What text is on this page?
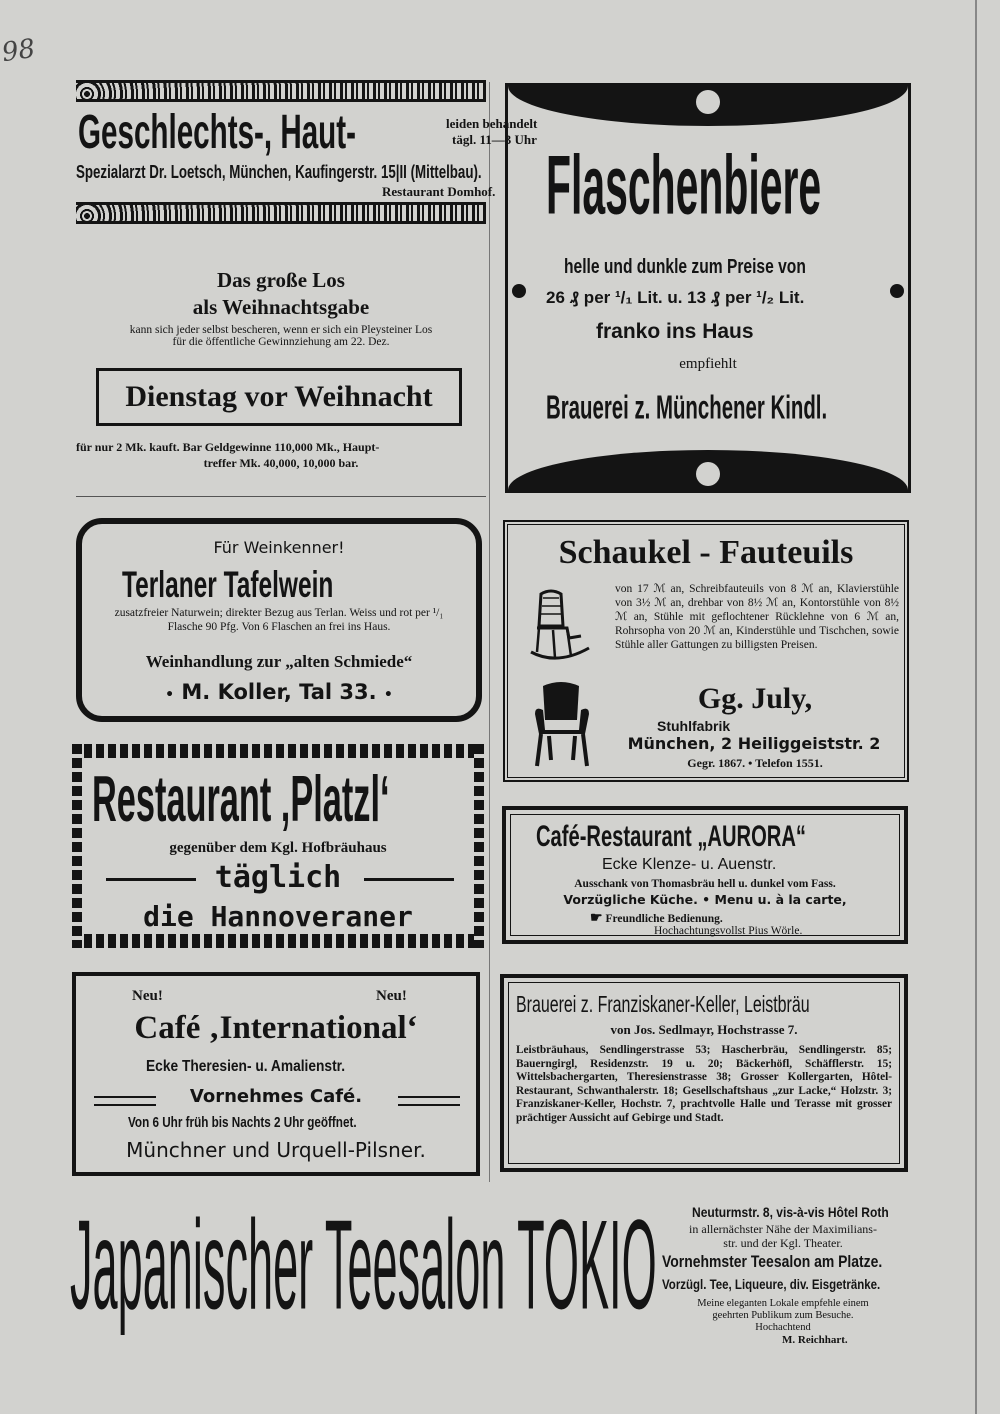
98
Geschlechts-, Haut-	leiden behandelt
tägl. 11—3 Uhr
Spezialarzt Dr. Loetsch, München, Kaufingerstr. 15|II (Mittelbau).
Restaurant Domhof.
Das große Los
als Weihnachtsgabe
kann sich jeder selbst bescheren, wenn er sich ein Pleysteiner Los
für die öffentliche Gewinnziehung am 22. Dez.
Dienstag vor Weihnacht
für nur 2 Mk. kauft. Bar Geldgewinne 110,000 Mk., Haupt-
treffer Mk. 40,000, 10,000 bar.
Flaschenbiere
helle und dunkle zum Preise von
26 ₰ per ¹/₁ Lit. u. 13 ₰ per ¹/₂ Lit.
franko ins Haus
empfiehlt
Brauerei z. Münchener Kindl.
Für Weinkenner!
Terlaner Tafelwein
zusatzfreier Naturwein; direkter Bezug aus Terlan. Weiss und rot per ¹/₁ Flasche 90 Pfg. Von 6 Flaschen an frei ins Haus.
Weinhandlung zur „alten Schmiede“
• M. Koller, Tal 33. •
Schaukel - Fauteuils
von 17 ℳ an, Schreibfauteuils von 8 ℳ an, Klavierstühle von 3½ ℳ an, drehbar von 8½ ℳ an, Kontorstühle von 8½ ℳ an, Stühle mit geflochtener Rücklehne von 6 ℳ an, Rohrsopha von 20 ℳ an, Kinderstühle und Tischchen, sowie Stühle aller Gattungen zu billigsten Preisen.
Gg. July,
Stuhlfabrik
München, 2 Heiliggeiststr. 2
Gegr. 1867. • Telefon 1551.
Restaurant ‚Platzl‘
gegenüber dem Kgl. Hofbräuhaus
täglich
die Hannoveraner
Café-Restaurant „AURORA“
Ecke Klenze- u. Auenstr.
Ausschank von Thomasbräu hell u. dunkel vom Fass.
Vorzügliche Küche. • Menu u. à la carte,
☛ Freundliche Bedienung.
Hochachtungsvollst Pius Wörle.
Neu!	Neu!
Café ‚International‘
Ecke Theresien- u. Amalienstr.
Vornehmes Café.
Von 6 Uhr früh bis Nachts 2 Uhr geöffnet.
Münchner und Urquell-Pilsner.
Brauerei z. Franziskaner-Keller, Leistbräu
von Jos. Sedlmayr, Hochstrasse 7.
Leistbräuhaus, Sendlingerstrasse 53; Hascherbräu, Sendlingerstr. 85; Bauerngirgl, Residenzstr. 19 u. 20; Bäckerhöfl, Schäfflerstr. 15; Wittelsbachergarten, Theresienstrasse 38; Grosser Kollergarten, Hôtel-Restaurant, Schwanthalerstr. 18; Gesellschaftshaus „zur Lacke,“ Holzstr. 3; Franziskaner-Keller, Hochstr. 7, prachtvolle Halle und Terasse mit grosser prächtiger Aussicht auf Gebirge und Stadt.
Japanischer Teesalon TOKIO	Neuturmstr. 8, vis-à-vis Hôtel Roth
in allernächster Nähe der Maximilians-
str. und der Kgl. Theater.
Vornehmster Teesalon am Platze.
Vorzügl. Tee, Liqueure, div. Eisgetränke.
Meine eleganten Lokale empfehle einem
geehrten Publikum zum Besuche.
Hochachtend
M. Reichhart.
